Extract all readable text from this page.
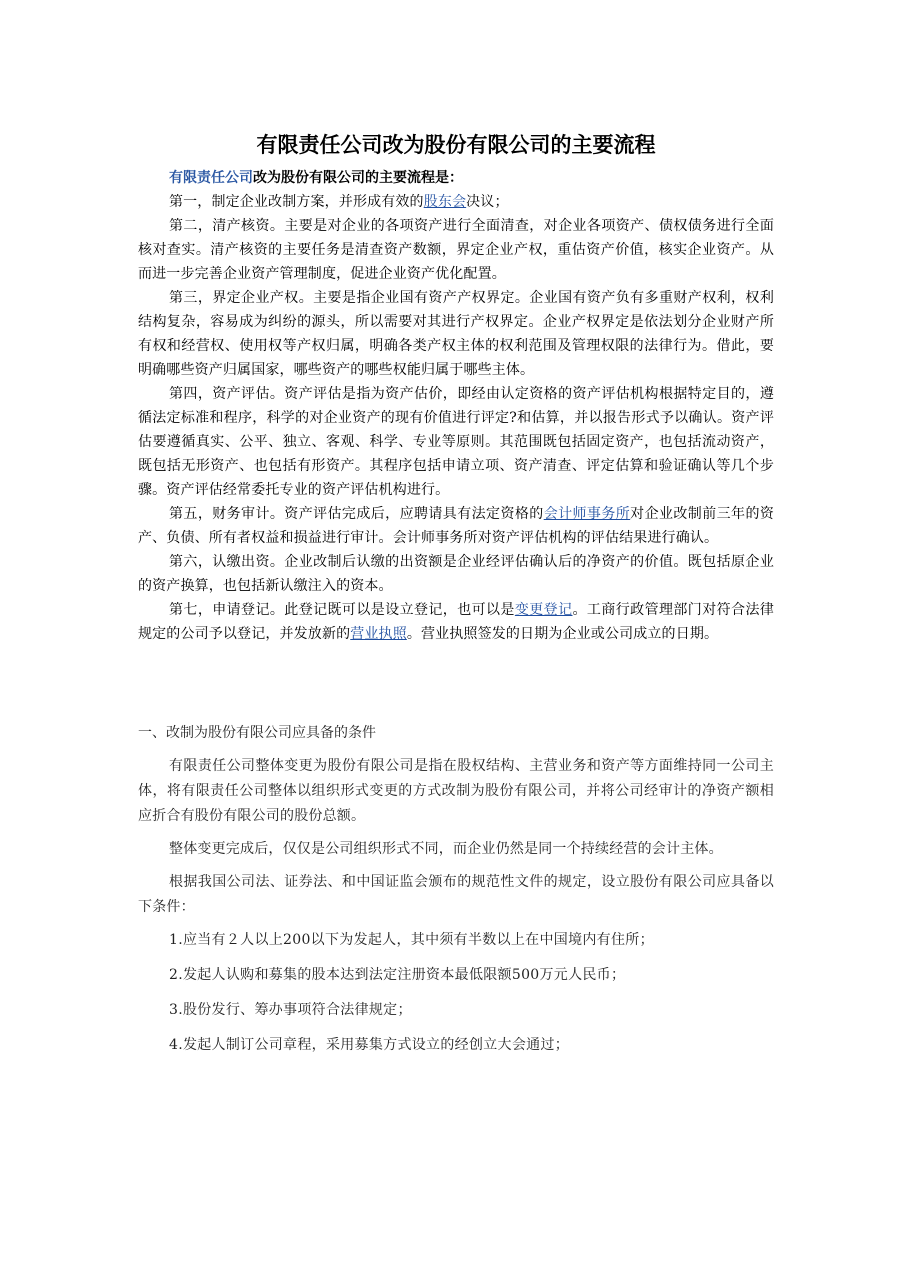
有限责任公司改为股份有限公司的主要流程

有限责任公司改为股份有限公司的主要流程是：

第一，制定企业改制方案，并形成有效的股东会决议；

第二，清产核资。主要是对企业的各项资产进行全面清查，对企业各项资产、债权债务进行全面核对查实。清产核资的主要任务是清查资产数额，界定企业产权，重估资产价值，核实企业资产。从而进一步完善企业资产管理制度，促进企业资产优化配置。

第三，界定企业产权。主要是指企业国有资产产权界定。企业国有资产负有多重财产权利，权利结构复杂，容易成为纠纷的源头，所以需要对其进行产权界定。企业产权界定是依法划分企业财产所有权和经营权、使用权等产权归属，明确各类产权主体的权利范围及管理权限的法律行为。借此，要明确哪些资产归属国家，哪些资产的哪些权能归属于哪些主体。

第四，资产评估。资产评估是指为资产估价，即经由认定资格的资产评估机构根据特定目的，遵循法定标准和程序，科学的对企业资产的现有价值进行评定?和估算，并以报告形式予以确认。资产评估要遵循真实、公平、独立、客观、科学、专业等原则。其范围既包括固定资产，也包括流动资产，既包括无形资产、也包括有形资产。其程序包括申请立项、资产清查、评定估算和验证确认等几个步骤。资产评估经常委托专业的资产评估机构进行。

第五，财务审计。资产评估完成后，应聘请具有法定资格的会计师事务所对企业改制前三年的资产、负债、所有者权益和损益进行审计。会计师事务所对资产评估机构的评估结果进行确认。

第六，认缴出资。企业改制后认缴的出资额是企业经评估确认后的净资产的价值。既包括原企业的资产换算，也包括新认缴注入的资本。

第七，申请登记。此登记既可以是设立登记，也可以是变更登记。工商行政管理部门对符合法律规定的公司予以登记，并发放新的营业执照。营业执照签发的日期为企业或公司成立的日期。

一、改制为股份有限公司应具备的条件

有限责任公司整体变更为股份有限公司是指在股权结构、主营业务和资产等方面维持同一公司主体，将有限责任公司整体以组织形式变更的方式改制为股份有限公司，并将公司经审计的净资产额相应折合有股份有限公司的股份总额。

整体变更完成后，仅仅是公司组织形式不同，而企业仍然是同一个持续经营的会计主体。

根据我国公司法、证券法、和中国证监会颁布的规范性文件的规定，设立股份有限公司应具备以下条件：

1.应当有２人以上200以下为发起人，其中须有半数以上在中国境内有住所；

2.发起人认购和募集的股本达到法定注册资本最低限额500万元人民币；

3.股份发行、筹办事项符合法律规定；

4.发起人制订公司章程，采用募集方式设立的经创立大会通过；
